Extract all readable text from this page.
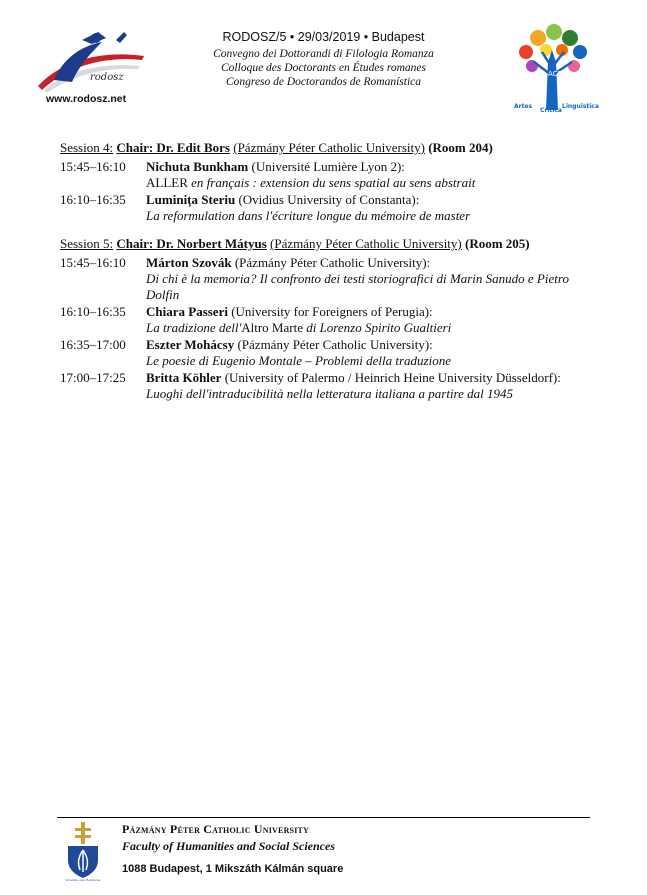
rodosz
www.rodosz.net
RODOSZ/5 • 29/03/2019 • Budapest
Convegno dei Dottorandi di Filologia Romanza
Colloque des Doctorants en Études romanes
Congreso de Doctorandos de Romanística
ACRIL
Artes
Critica
Linguistica
Session 4: Chair: Dr. Edit Bors (Pázmány Péter Catholic University) (Room 204)
15:45–16:10	Nichuta Bunkham (Université Lumière Lyon 2):
ALLER en français : extension du sens spatial au sens abstrait
16:10–16:35	Luminița Steriu (Ovidius University of Constanta):
La reformulation dans l'écriture longue du mémoire de master
Session 5: Chair: Dr. Norbert Mátyus (Pázmány Péter Catholic University) (Room 205)
15:45–16:10	Márton Szovák (Pázmány Péter Catholic University):
Di chi è la memoria? Il confronto dei testi storiografici di Marin Sanudo e Pietro Dolfin
16:10–16:35	Chiara Passeri (University for Foreigners of Perugia):
La tradizione dell'Altro Marte di Lorenzo Spirito Gualtieri
16:35–17:00	Eszter Mohácsy (Pázmány Péter Catholic University):
Le poesie di Eugenio Montale – Problemi della traduzione
17:00–17:25	Britta Köhler (University of Palermo / Heinrich Heine University Düsseldorf):
Luoghi dell'intraducibilità nella letteratura italiana a partire dal 1945
Scientia cum Religione
Pázmány Péter Catholic University
Faculty of Humanities and Social Sciences
1088 Budapest, 1 Mikszáth Kálmán square
